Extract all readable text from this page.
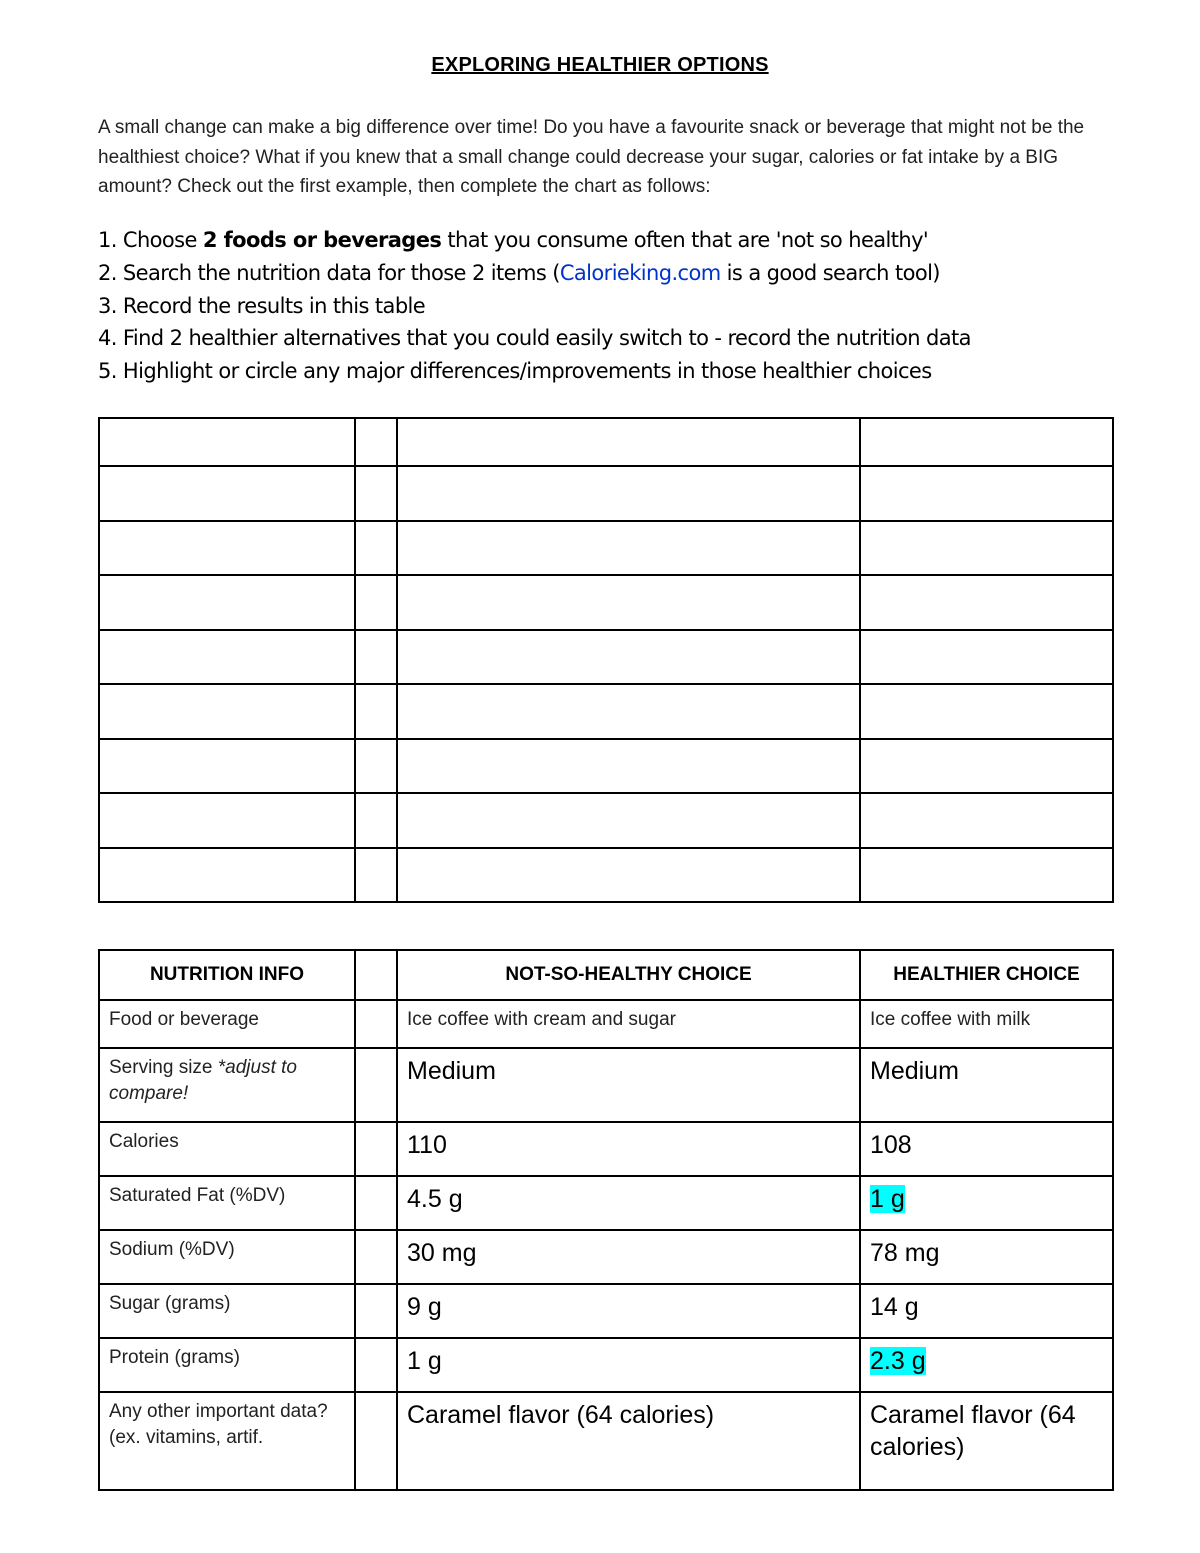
EXPLORING HEALTHIER OPTIONS
A small change can make a big difference over time! Do you have a favourite snack or beverage that might not be the healthiest choice? What if you knew that a small change could decrease your sugar, calories or fat intake by a BIG amount? Check out the first example, then complete the chart as follows:
1. Choose 2 foods or beverages that you consume often that are 'not so healthy'
2. Search the nutrition data for those 2 items (Calorieking.com is a good search tool)
3. Record the results in this table
4. Find 2 healthier alternatives that you could easily switch to - record the nutrition data
5. Highlight or circle any major differences/improvements in those healthier choices

NUTRITION INFO		NOT-SO-HEALTHY CHOICE	HEALTHIER CHOICE
Food or beverage		Ice coffee with cream and sugar	Ice coffee with milk
Serving size *adjust to compare!		Medium	Medium
Calories		110	108
Saturated Fat (%DV)		4.5 g	1 g
Sodium (%DV)		30 mg	78 mg
Sugar (grams)		9 g	14 g
Protein (grams)		1 g	2.3 g

Any other important data?
(ex. vitamins, artif.		Caramel flavor (64 calories)	Caramel flavor (64 calories)
